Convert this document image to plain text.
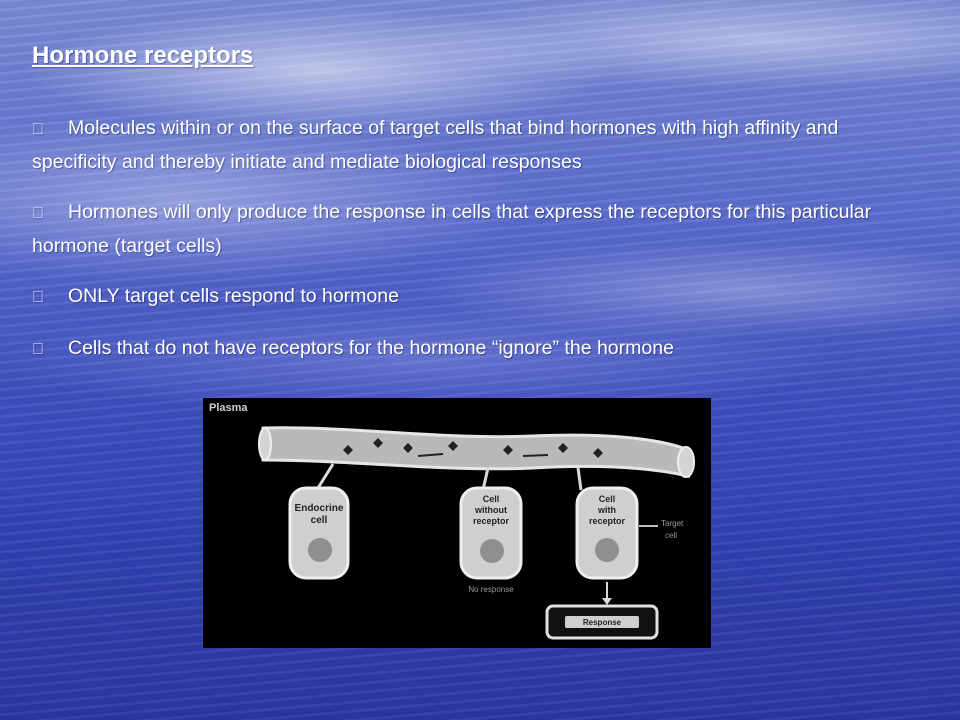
Hormone receptors
􀂄 Molecules within or on the surface of target cells that bind hormones with high affinity and specificity and thereby initiate and mediate biological responses
􀂄 Hormones will only produce the response in cells that express the receptors for this particular hormone (target cells)
􀂄 ONLY target cells respond to hormone
􀂄 Cells that do not have receptors for the hormone “ignore” the hormone
Plasma
Endocrine
cell
Cell
without
receptor
No response
Cell
with
receptor	Target
cell
Response
